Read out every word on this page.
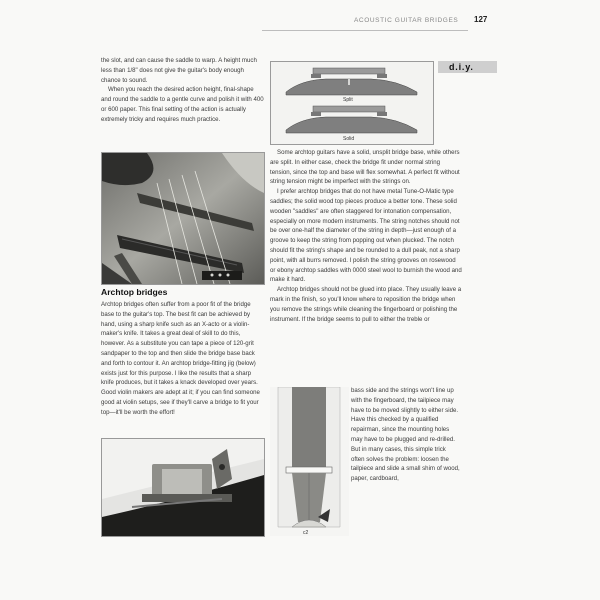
ACOUSTIC GUITAR BRIDGES 127

the slot, and can cause the saddle to warp. A height much less than 1/8" does not give the guitar's body enough chance to sound.

When you reach the desired action height, final-shape and round the saddle to a gentle curve and polish it with 400 or 600 paper. This final setting of the action is actually extremely tricky and requires much practice.

Archtop bridges

Archtop bridges often suffer from a poor fit of the bridge base to the guitar's top. The best fit can be achieved by hand, using a sharp knife such as an X-acto or a violin-maker's knife. It takes a great deal of skill to do this, however. As a substitute you can tape a piece of 120-grit sandpaper to the top and then slide the bridge base back and forth to contour it. An archtop bridge-fitting jig (below) exists just for this purpose. I like the results that a sharp knife produces, but it takes a knack developed over years. Good violin makers are adept at it; if you can find someone good at violin setups, see if they'll carve a bridge to fit your top—it'll be worth the effort!

Split
Solid
d.i.y.

Some archtop guitars have a solid, unsplit bridge base, while others are split. In either case, check the bridge fit under normal string tension, since the top and base will flex somewhat. A perfect fit without string tension might be imperfect with the strings on.

I prefer archtop bridges that do not have metal Tune-O-Matic type saddles; the solid wood top pieces produce a better tone. These solid wooden "saddles" are often staggered for intonation compensation, especially on more modern instruments. The string notches should not be over one-half the diameter of the string in depth—just enough of a groove to keep the string from popping out when plucked. The notch should fit the string's shape and be rounded to a dull peak, not a sharp point, with all burrs removed. I polish the string grooves on rosewood or ebony archtop saddles with 0000 steel wool to burnish the wood and make it hard.

Archtop bridges should not be glued into place. They usually leave a mark in the finish, so you'll know where to reposition the bridge when you remove the strings while cleaning the fingerboard or polishing the instrument. If the bridge seems to pull to either the treble or

c2

bass side and the strings won't line up with the fingerboard, the tailpiece may have to be moved slightly to either side. Have this checked by a qualified repairman, since the mounting holes may have to be plugged and re-drilled. But in many cases, this simple trick often solves the problem: loosen the tailpiece and slide a small shim of wood, paper, cardboard,
